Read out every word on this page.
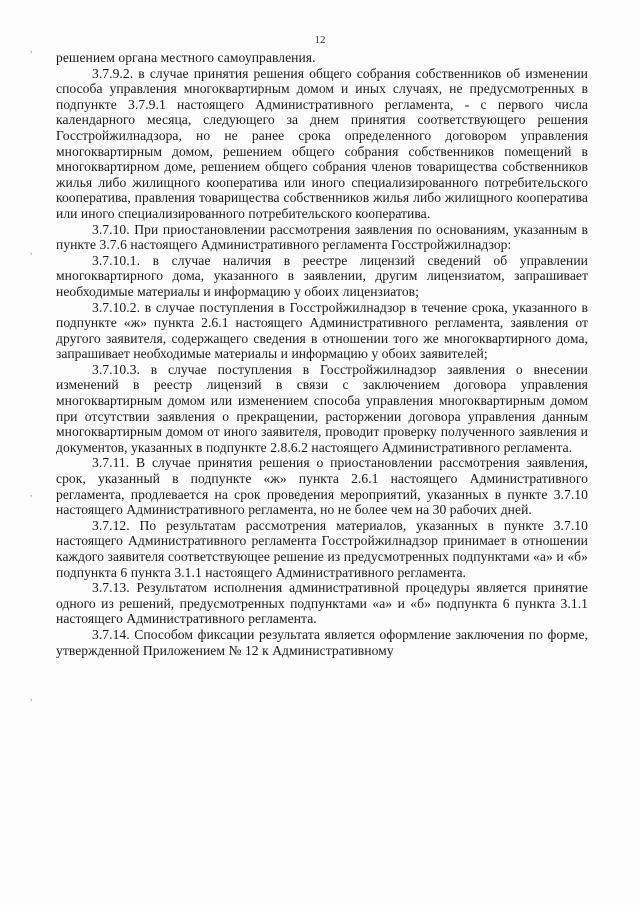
12
,
,
,
,

решением органа местного самоуправления.

3.7.9.2. в случае принятия решения общего собрания собственников об изменении способа управления многоквартирным домом и иных случаях, не предусмотренных в подпункте 3.7.9.1 настоящего Административного регламента, - с первого числа календарного месяца, следующего за днем принятия соответствующего решения Госстройжилнадзора, но не ранее срока определенного договором управления многоквартирным домом, решением общего собрания собственников помещений в многоквартирном доме, решением общего собрания членов товарищества собственников жилья либо жилищного кооператива или иного специализированного потребительского кооператива, правления товарищества собственников жилья либо жилищного кооператива или иного специализированного потребительского кооператива.

3.7.10. При приостановлении рассмотрения заявления по основаниям, указанным в пункте 3.7.6 настоящего Административного регламента Госстройжилнадзор:

3.7.10.1. в случае наличия в реестре лицензий сведений об управлении многоквартирного дома, указанного в заявлении, другим лицензиатом, запрашивает необходимые материалы и информацию у обоих лицензиатов;

3.7.10.2. в случае поступления в Госстройжилнадзор в течение срока, указанного в подпункте «ж» пункта 2.6.1 настоящего Административного регламента, заявления от другого заявителя, содержащего сведения в отношении того же многоквартирного дома, запрашивает необходимые материалы и информацию у обоих заявителей;

3.7.10.3. в случае поступления в Госстройжилнадзор заявления о внесении изменений в реестр лицензий в связи с заключением договора управления многоквартирным домом или изменением способа управления многоквартирным домом при отсутствии заявления о прекращении, расторжении договора управления данным многоквартирным домом от иного заявителя, проводит проверку полученного заявления и документов, указанных в подпункте 2.8.6.2 настоящего Административного регламента.

3.7.11. В случае принятия решения о приостановлении рассмотрения заявления, срок, указанный в подпункте «ж» пункта 2.6.1 настоящего Административного регламента, продлевается на срок проведения мероприятий, указанных в пункте 3.7.10 настоящего Административного регламента, но не более чем на 30 рабочих дней.

3.7.12. По результатам рассмотрения материалов, указанных в пункте 3.7.10 настоящего Административного регламента Госстройжилнадзор принимает в отношении каждого заявителя соответствующее решение из предусмотренных подпунктами «а» и «б» подпункта 6 пункта 3.1.1 настоящего Административного регламента.

3.7.13. Результатом исполнения административной процедуры является принятие одного из решений, предусмотренных подпунктами «а» и «б» подпункта 6 пункта 3.1.1 настоящего Административного регламента.

3.7.14. Способом фиксации результата является оформление заключения по форме, утвержденной Приложением № 12 к Административному
